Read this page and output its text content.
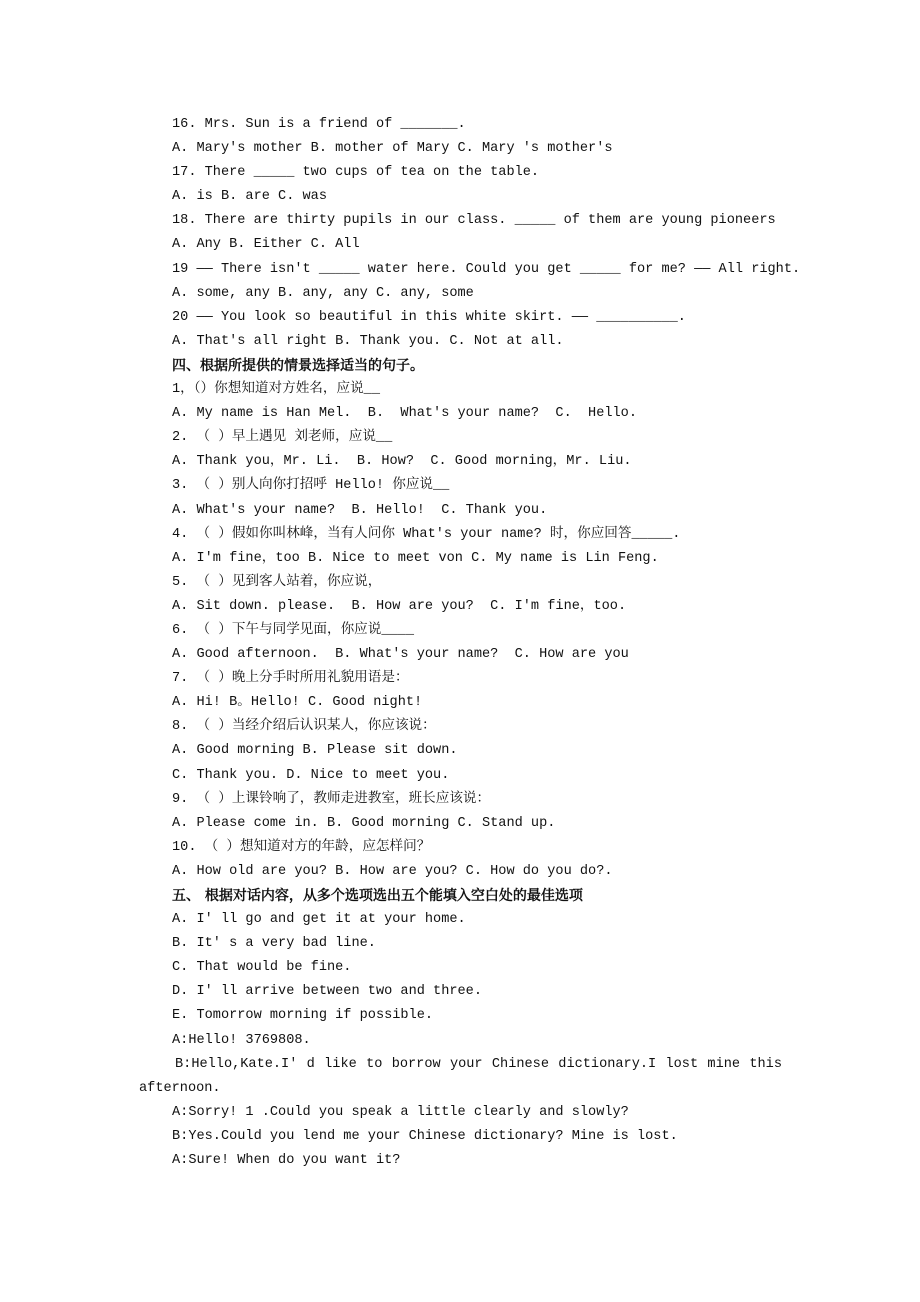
16. Mrs. Sun is a friend of _______.
A. Mary's mother B. mother of Mary C. Mary 's mother's
17. There _____ two cups of tea on the table.
A. is B. are C. was
18. There are thirty pupils in our class. _____ of them are young pioneers
A. Any B. Either C. All
19 —— There isn't _____ water here. Could you get _____ for me? —— All right.
A. some, any B. any, any C. any, some
20 —— You look so beautiful in this white skirt. —— __________.
A. That's all right B. Thank you. C. Not at all.
四、根据所提供的情景选择适当的句子。
1，（）你想知道对方姓名，应说__
A. My name is Han Mel.  B.  What's your name?  C.  Hello.
2. （ ）早上遇见 刘老师，应说__
A. Thank you，Mr. Li.  B. How?  C. Good morning，Mr. Liu.
3. （ ）别人向你打招呼 Hello! 你应说__
A. What's your name?  B. Hello!  C. Thank you.
4. （ ）假如你叫林峰，当有人问你 What's your name? 时，你应回答_____.
A. I'm fine，too B. Nice to meet von C. My name is Lin Feng.
5. （ ）见到客人站着，你应说，
A. Sit down. please.  B. How are you?  C. I'm fine，too.
6. （ ）下午与同学见面，你应说____
A. Good afternoon.  B. What's your name?  C. How are you
7. （ ）晚上分手时所用礼貌用语是：
A. Hi! B。Hello! C. Good night!
8. （ ）当经介绍后认识某人，你应该说：
A. Good morning B. Please sit down.
C. Thank you. D. Nice to meet you.
9. （ ）上课铃响了，教师走进教室，班长应该说：
A. Please come in. B. Good morning C. Stand up.
10. （ ）想知道对方的年龄，应怎样问？
A. How old are you? B. How are you? C. How do you do?.
五、 根据对话内容，从多个选项选出五个能填入空白处的最佳选项
A. I' ll go and get it at your home.
B. It' s a very bad line.
C. That would be fine.
D. I' ll arrive between two and three.
E. Tomorrow morning if possible.
A:Hello! 3769808.
B:Hello,Kate.I' d like to borrow your Chinese dictionary.I lost mine this
afternoon.
A:Sorry! 1 .Could you speak a little clearly and slowly?
B:Yes.Could you lend me your Chinese dictionary? Mine is lost.
A:Sure! When do you want it?
